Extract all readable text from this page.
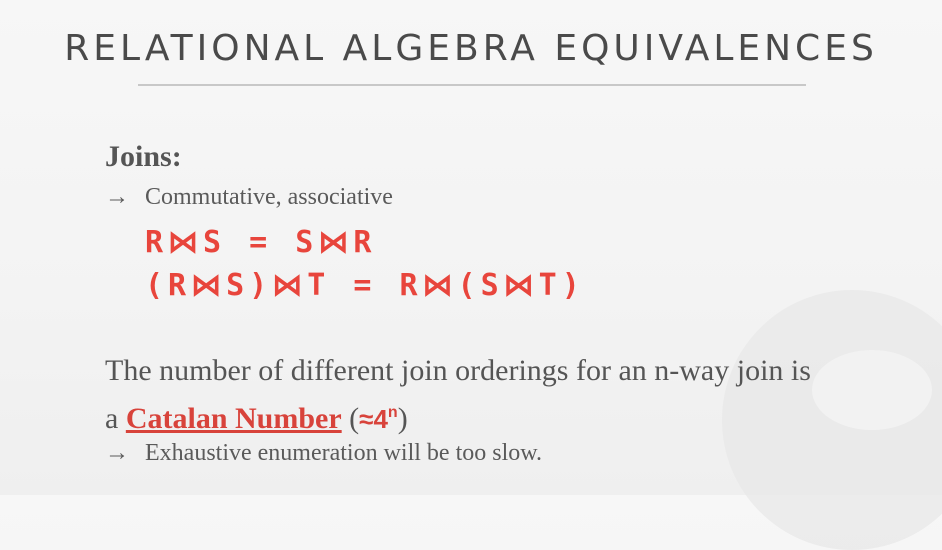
RELATIONAL ALGEBRA EQUIVALENCES
Joins:
→ Commutative, associative
R⋈S = S⋈R
(R⋈S)⋈T = R⋈(S⋈T)
The number of different join orderings for an n-way join is a Catalan Number $(\approx 4^n)$
→ Exhaustive enumeration will be too slow.
